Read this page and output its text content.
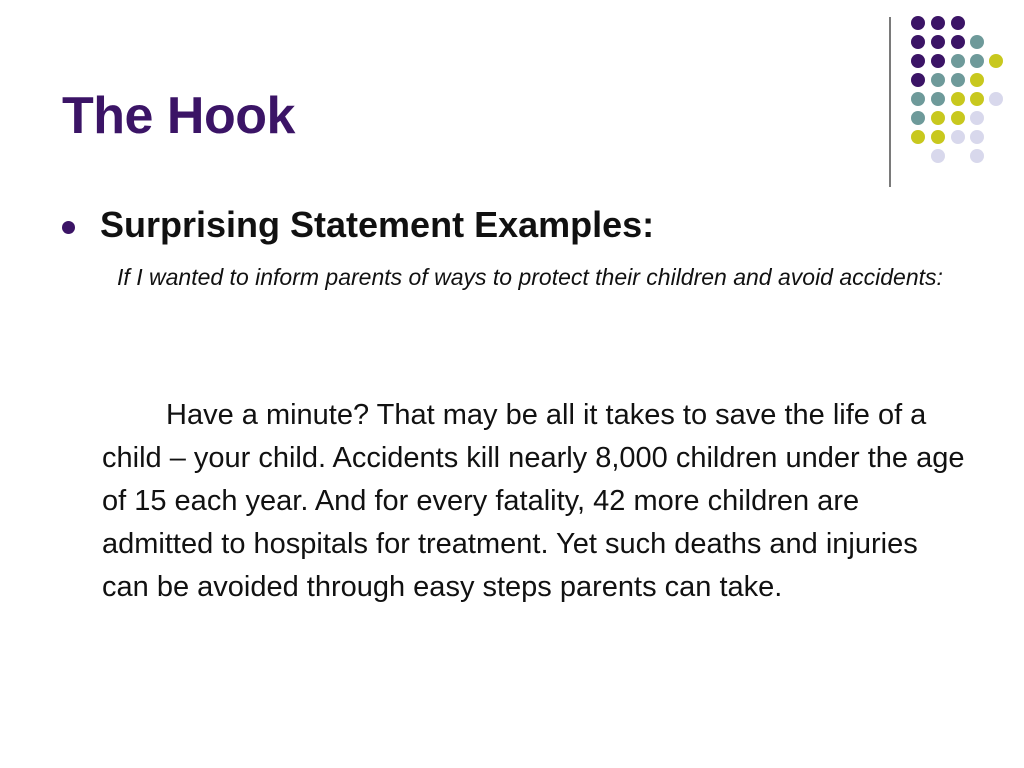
The Hook
Surprising Statement Examples:
If I wanted to inform parents of ways to protect their children and avoid accidents:
Have a minute? That may be all it takes to save the life of a child – your child. Accidents kill nearly 8,000 children under the age of 15 each year. And for every fatality, 42 more children are admitted to hospitals for treatment. Yet such deaths and injuries can be avoided through easy steps parents can take.
